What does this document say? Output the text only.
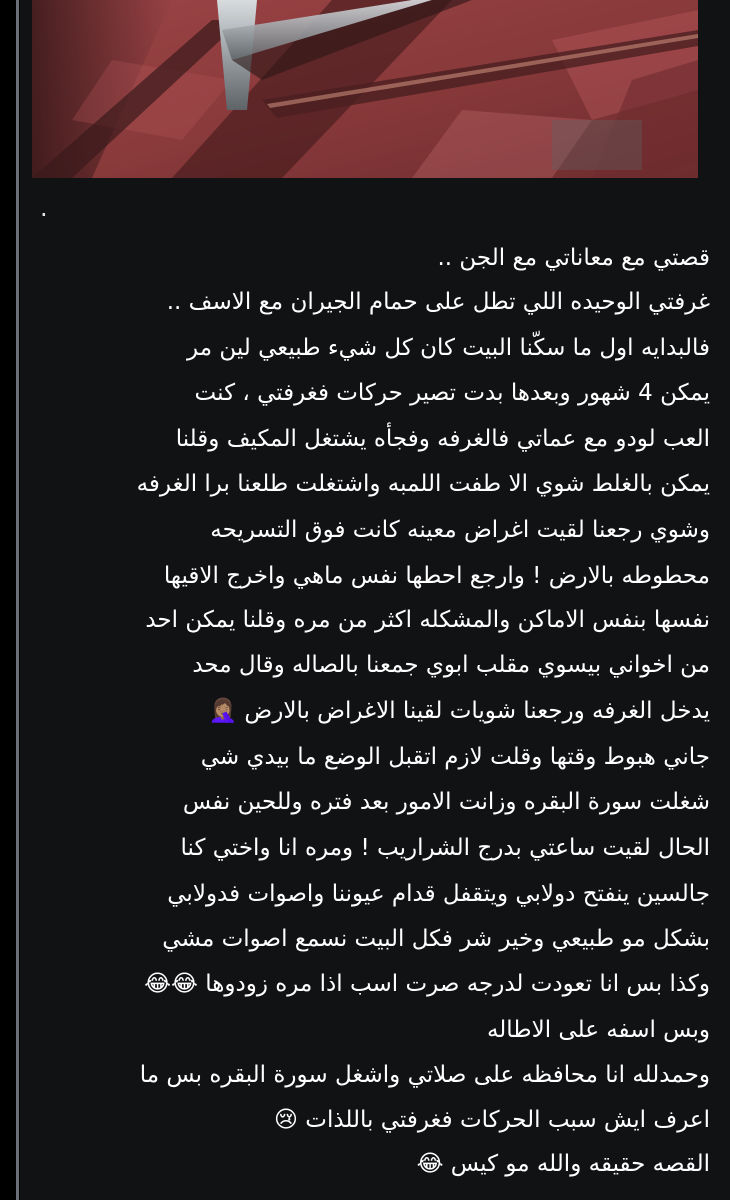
.
قصتي مع معاناتي مع الجن ..
غرفتي الوحيده اللي تطل على حمام الجيران مع الاسف ..
فالبدايه اول ما سكّنا البيت كان كل شيء طبيعي لين مر
يمكن 4 شهور وبعدها بدت تصير حركات فغرفتي ، كنت
العب لودو مع عماتي فالغرفه وفجأه يشتغل المكيف وقلنا
يمكن بالغلط شوي الا طفت اللمبه واشتغلت طلعنا برا الغرفه
وشوي رجعنا لقيت اغراض معينه كانت فوق التسريحه
محطوطه بالارض ! وارجع احطها نفس ماهي واخرج الاقيها
نفسها بنفس الاماكن والمشكله اكثر من مره وقلنا يمكن احد
من اخواني بيسوي مقلب ابوي جمعنا بالصاله وقال محد
يدخل الغرفه ورجعنا شويات لقينا الاغراض بالارض 🤦🏽‍♀️
جاني هبوط وقتها وقلت لازم اتقبل الوضع ما بيدي شي
شغلت سورة البقره وزانت الامور بعد فتره وللحين نفس
الحال لقيت ساعتي بدرج الشراريب ! ومره انا واختي كنا
جالسين ينفتح دولابي ويتقفل قدام عيوننا واصوات فدولابي
بشكل مو طبيعي وخير شر فكل البيت نسمع اصوات مشي
وكذا بس انا تعودت لدرجه صرت اسب اذا مره زودوها 😂😂
وبس اسفه على الاطاله
وحمدلله انا محافظه على صلاتي واشغل سورة البقره بس ما
اعرف ايش سبب الحركات فغرفتي باللذات 😢
القصه حقيقه والله مو كيس 😂
